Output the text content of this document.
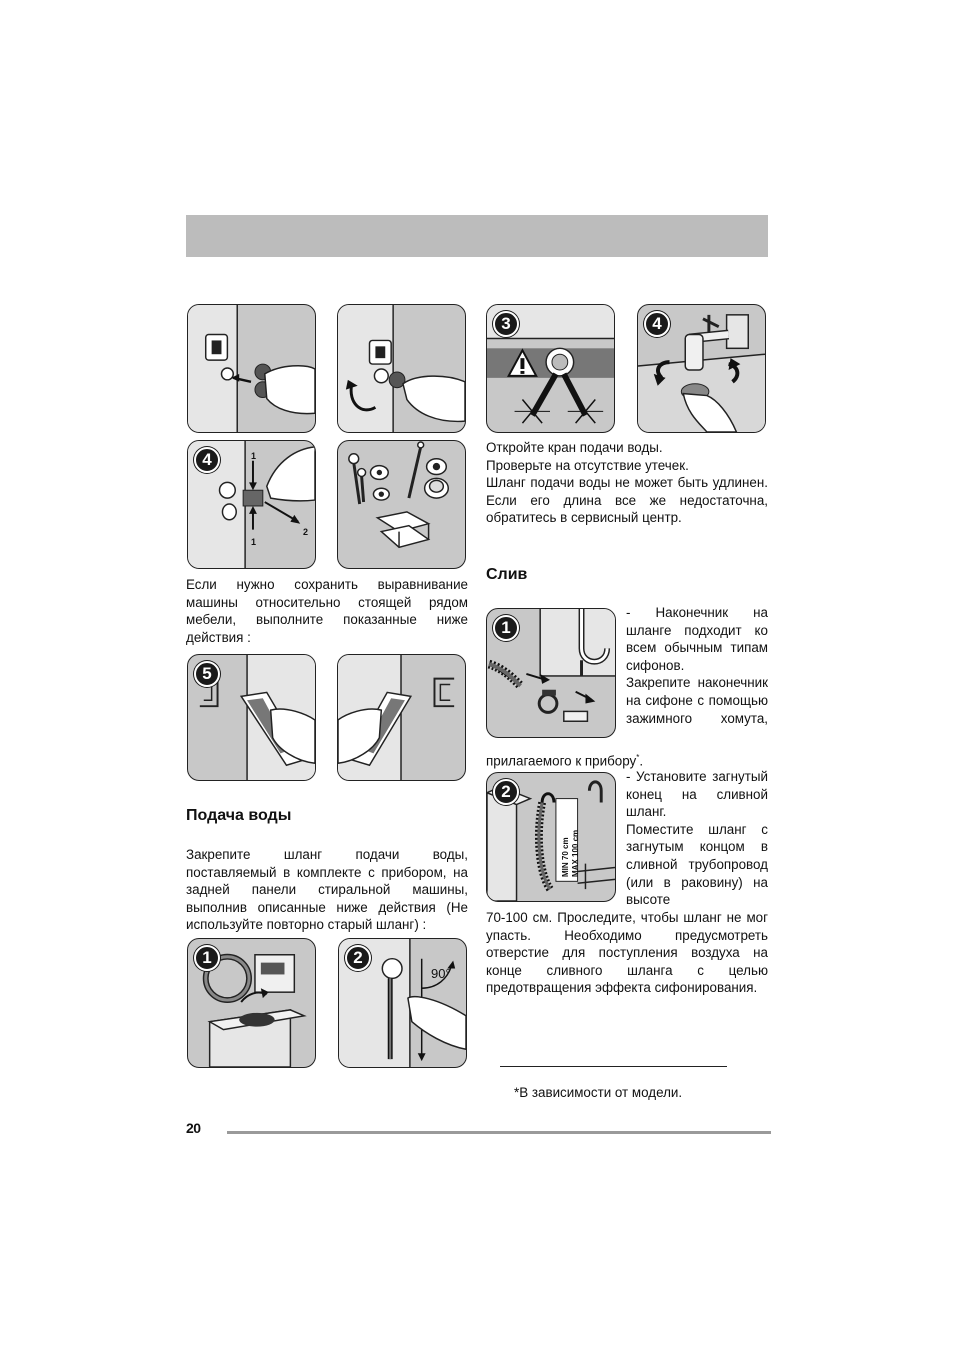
4	1
1
2

Если нужно сохранить выравнивание машины относительно стоящей рядом мебели, выполните показанные ниже действия :

5
Подача воды

Закрепите шланг подачи воды, поставляемый в комплекте с прибором, на задней панели стиральной машины, выполнив описанные ниже действия (Не используйте повторно старый шланг) :

1	2
90°
3	4

Откройте кран подачи воды.

Проверьте на отсутствие утечек.

Шланг подачи воды не может быть удлинен. Если его длина все же недостаточна, обратитесь в сервисный центр.

Слив
1

- Наконечник на шланге подходит ко всем обычным типам сифонов.

Закрепите наконечник на сифоне с помощью зажимного хомута,

прилагаемого к прибору*.
2
MIN 70 cm MAX 100 cm

- Установите загнутый конец на сливной шланг.

Поместите шланг с загнутым концом в сливной трубопровод (или в раковину) на высоте

70-100 см. Проследите, чтобы шланг не мог упасть. Необходимо предусмотреть отверстие для поступления воздуха на конце сливного шланга с целью предотвращения эффекта сифонирования.

*В зависимости от модели.
20
